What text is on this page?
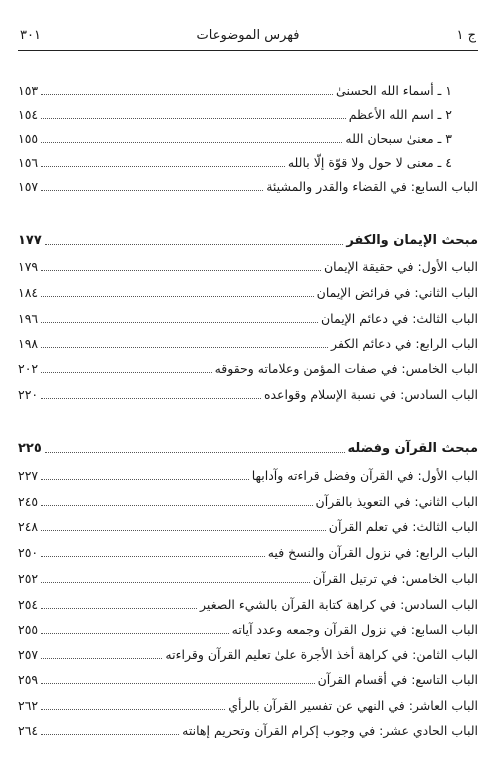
ج ١
فهرس الموضوعات
٣٠١
١ ـ أسماء الله الحسنىٰ
١٥٣
٢ ـ اسم الله الأعظم
١٥٤
٣ ـ معنىٰ سبحان الله
١٥٥
٤ ـ معنى لا حول ولا قوّة إلّا بالله
١٥٦
الباب السابع: في القضاء والقدر والمشيئة
١٥٧
مبحث الإيمان والكفر
١٧٧
الباب الأول: في حقيقة الإيمان
١٧٩
الباب الثاني: في فرائض الإيمان
١٨٤
الباب الثالث: في دعائم الإيمان
١٩٦
الباب الرابع: في دعائم الكفر
١٩٨
الباب الخامس: في صفات المؤمن وعلاماته وحقوقه
٢٠٢
الباب السادس: في نسبة الإسلام وقواعده
٢٢٠
مبحث القرآن وفضله
٢٢٥
الباب الأول: في القرآن وفضل قراءته وآدابها
٢٢٧
الباب الثاني: في التعويذ بالقرآن
٢٤٥
الباب الثالث: في تعلم القرآن
٢٤٨
الباب الرابع: في نزول القرآن والنسخ فيه
٢٥٠
الباب الخامس: في ترتيل القرآن
٢٥٢
الباب السادس: في كراهة كتابة القرآن بالشيء الصغير
٢٥٤
الباب السابع: في نزول القرآن وجمعه وعدد آياته
٢٥٥
الباب الثامن: في كراهة أخذ الأجرة علىٰ تعليم القرآن وقراءته
٢٥٧
الباب التاسع: في أقسام القرآن
٢٥٩
الباب العاشر: في النهي عن تفسير القرآن بالرأي
٢٦٢
الباب الحادي عشر: في وجوب إكرام القرآن وتحريم إهانته
٢٦٤
